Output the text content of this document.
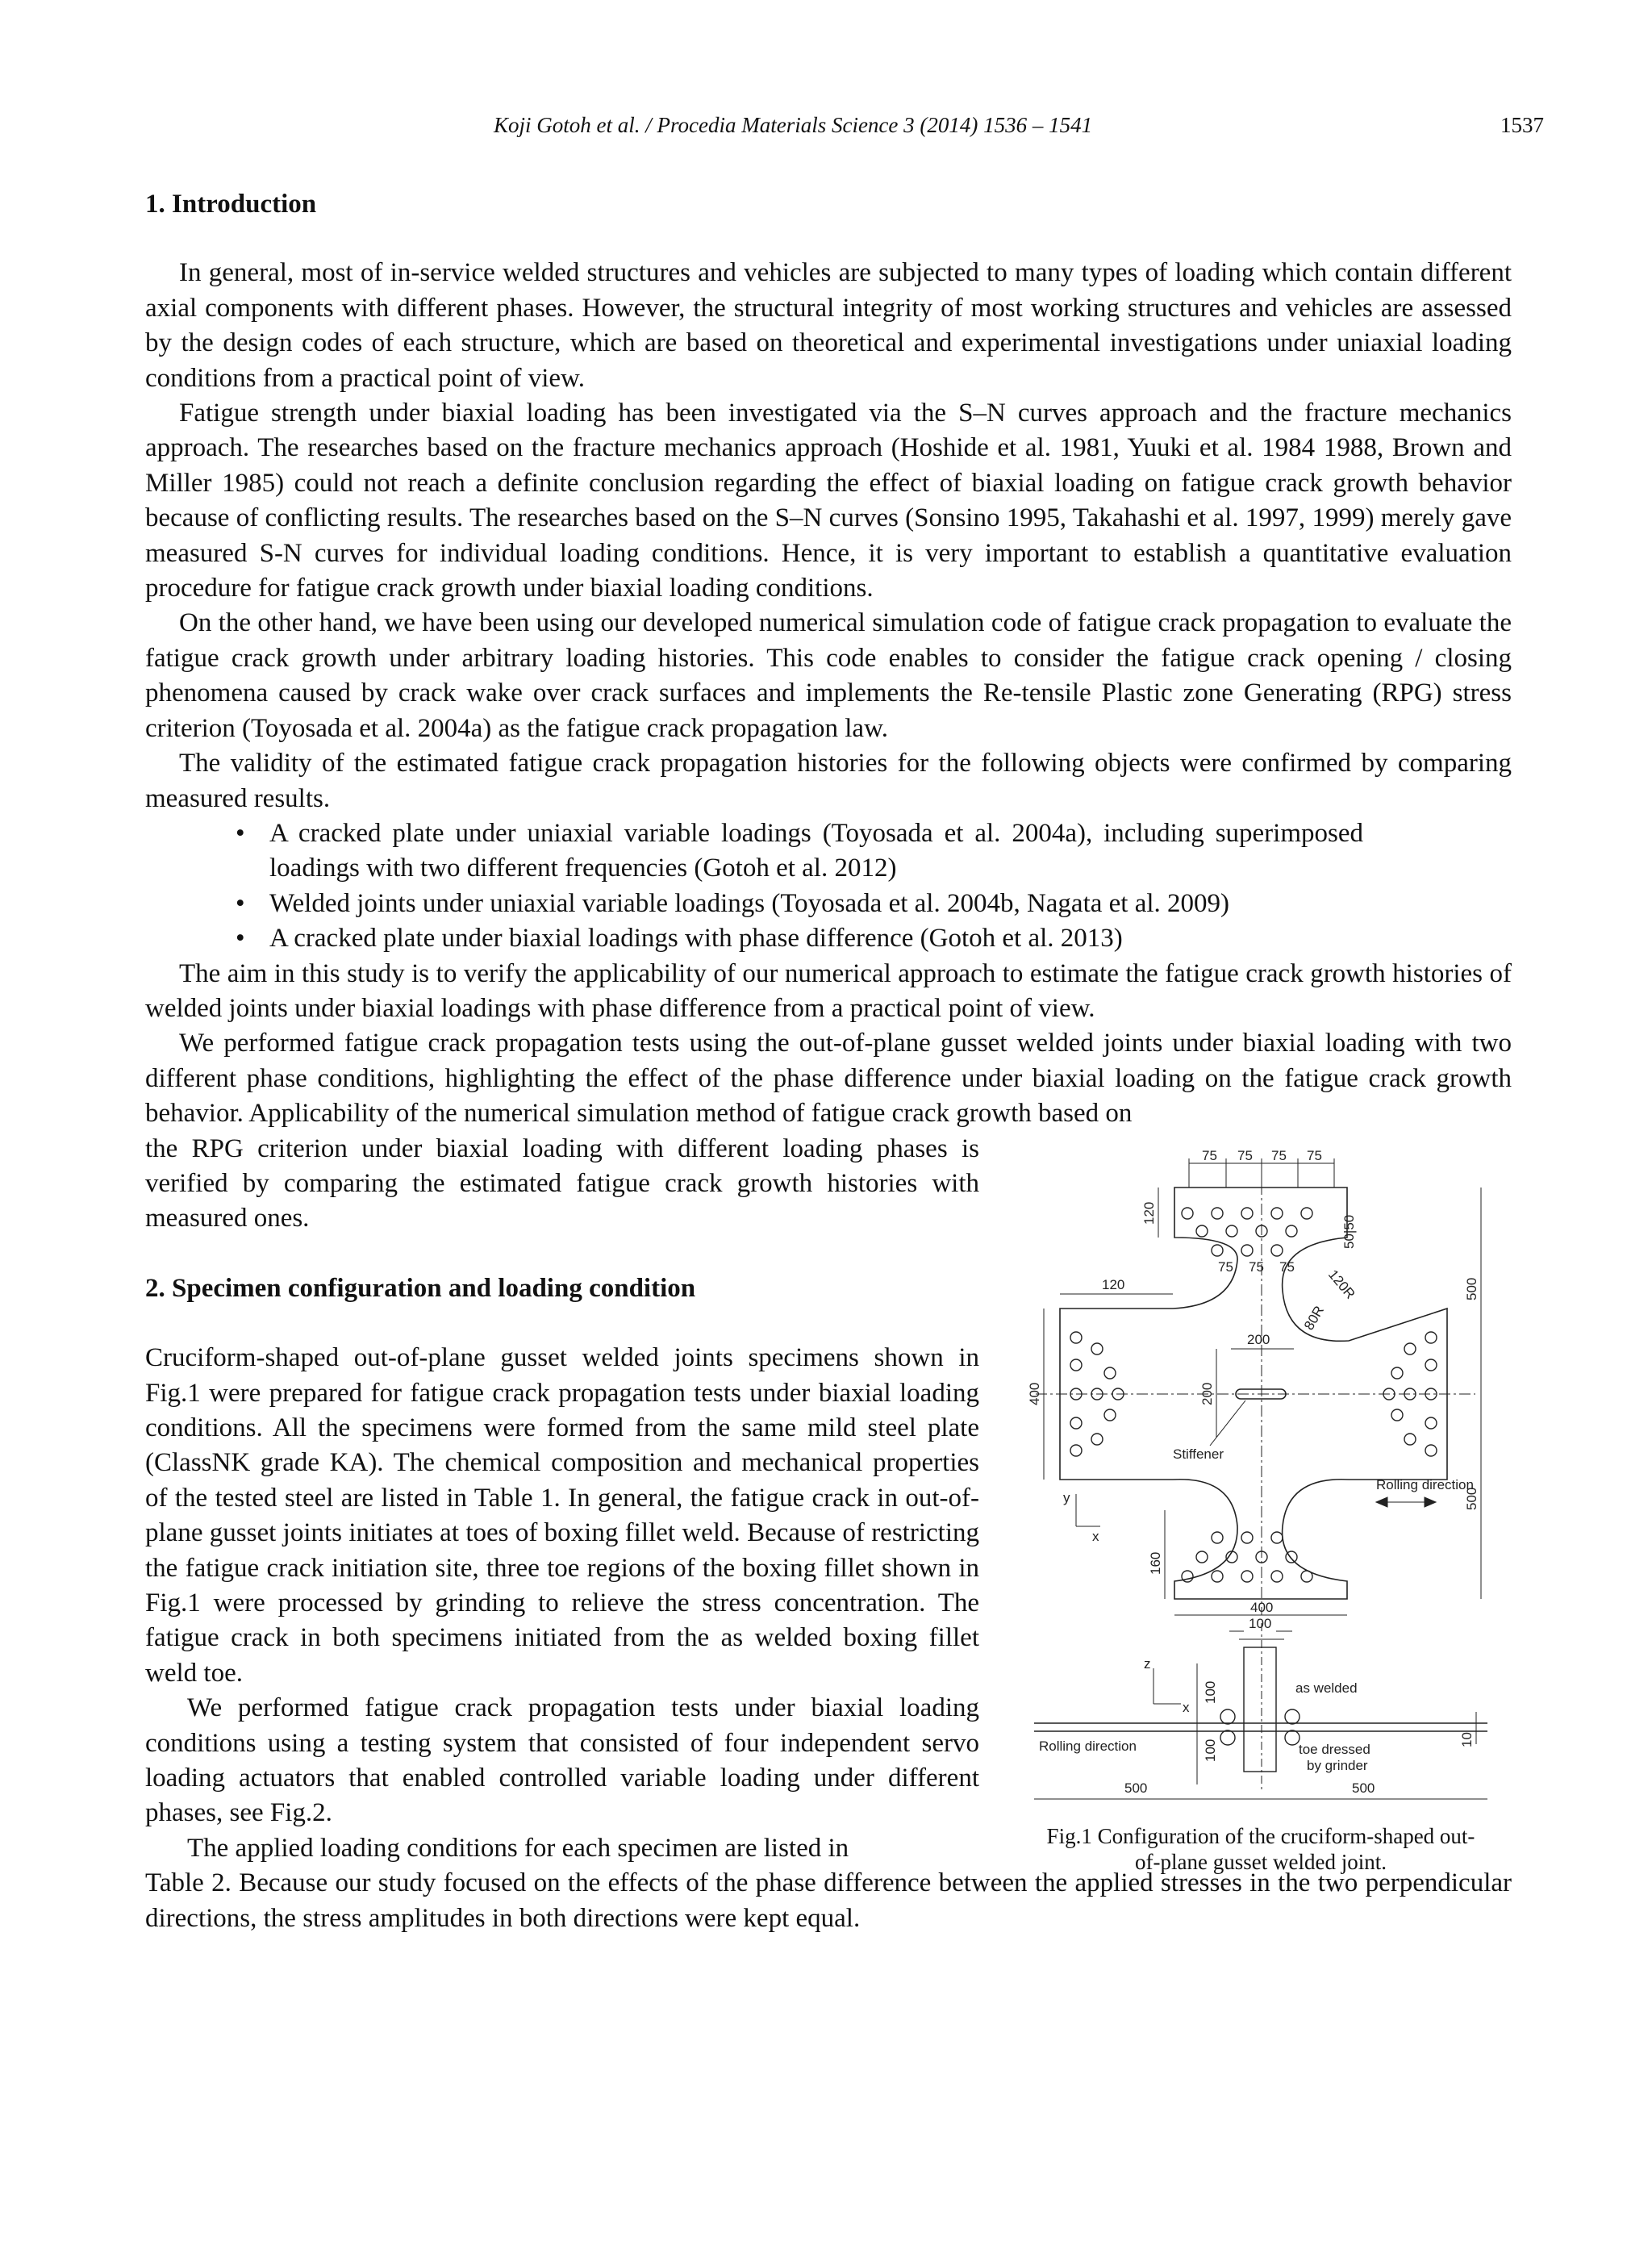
Koji Gotoh et al. / Procedia Materials Science 3 (2014) 1536 – 1541	1537
1. Introduction

In general, most of in-service welded structures and vehicles are subjected to many types of loading which contain different axial components with different phases. However, the structural integrity of most working structures and vehicles are assessed by the design codes of each structure, which are based on theoretical and experimental investigations under uniaxial loading conditions from a practical point of view.

Fatigue strength under biaxial loading has been investigated via the S–N curves approach and the fracture mechanics approach. The researches based on the fracture mechanics approach (Hoshide et al. 1981, Yuuki et al. 1984 1988, Brown and Miller 1985) could not reach a definite conclusion regarding the effect of biaxial loading on fatigue crack growth behavior because of conflicting results. The researches based on the S–N curves (Sonsino 1995, Takahashi et al. 1997, 1999) merely gave measured S-N curves for individual loading conditions. Hence, it is very important to establish a quantitative evaluation procedure for fatigue crack growth under biaxial loading conditions.

On the other hand, we have been using our developed numerical simulation code of fatigue crack propagation to evaluate the fatigue crack growth under arbitrary loading histories. This code enables to consider the fatigue crack opening / closing phenomena caused by crack wake over crack surfaces and implements the Re-tensile Plastic zone Generating (RPG) stress criterion (Toyosada et al. 2004a) as the fatigue crack propagation law.

The validity of the estimated fatigue crack propagation histories for the following objects were confirmed by comparing measured results.

• A cracked plate under uniaxial variable loadings (Toyosada et al. 2004a), including superimposed loadings with two different frequencies (Gotoh et al. 2012)
• Welded joints under uniaxial variable loadings (Toyosada et al. 2004b, Nagata et al. 2009)
• A cracked plate under biaxial loadings with phase difference (Gotoh et al. 2013)

The aim in this study is to verify the applicability of our numerical approach to estimate the fatigue crack growth histories of welded joints under biaxial loadings with phase difference from a practical point of view.

We performed fatigue crack propagation tests using the out-of-plane gusset welded joints under biaxial loading with two different phase conditions, highlighting the effect of the phase difference under biaxial loading on the fatigue crack growth behavior. Applicability of the numerical simulation method of fatigue crack growth based on

the RPG criterion under biaxial loading with different loading phases is verified by comparing the estimated fatigue crack growth histories with measured ones.

2. Specimen configuration and loading condition

Cruciform-shaped out-of-plane gusset welded joints specimens shown in Fig.1 were prepared for fatigue crack propagation tests under biaxial loading conditions. All the specimens were formed from the same mild steel plate (ClassNK grade KA). The chemical composition and mechanical properties of the tested steel are listed in Table 1. In general, the fatigue crack in out-of-plane gusset joints initiates at toes of boxing fillet weld. Because of restricting the fatigue crack initiation site, three toe regions of the boxing fillet shown in Fig.1 were processed by grinding to relieve the stress concentration. The fatigue crack in both specimens initiated from the as welded boxing fillet weld toe.

We performed fatigue crack propagation tests under biaxial loading conditions using a testing system that consisted of four independent servo loading actuators that enabled controlled variable loading under different phases, see Fig.2.

The applied loading conditions for each specimen are listed in

Table 2. Because our study focused on the effects of the phase difference between the applied stresses in the two perpendicular directions, the stress amplitudes in both directions were kept equal.

75 75 75 75
75 75 75
120
50|50
120R
80R
500
120
200
400	200
Stiffener
Rolling direction
500
y
x
160
400
100
z
x
100
100
as welded
Rolling direction	toe dressed
by grinder
10
500	500
Fig.1 Configuration of the cruciform-shaped out-
of-plane gusset welded joint.
